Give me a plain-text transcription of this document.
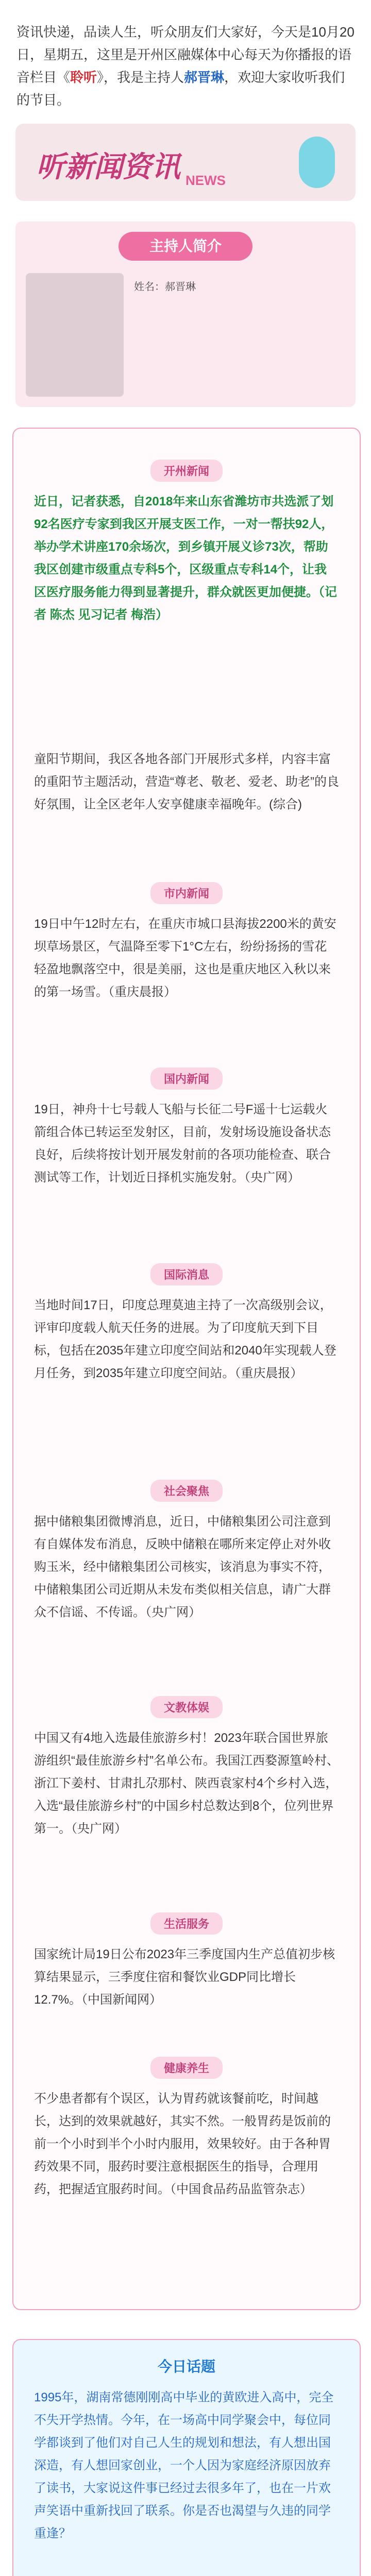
资讯快递，品读人生，听众朋友们大家好，今天是10月20日，星期五，这里是开州区融媒体中心每天为你播报的语音栏目《聆听》，我是主持人郝晋琳，欢迎大家收听我们的节目。
听新闻资讯 NEWS
主持人简介
姓名：郝晋琳
开州新闻
近日，记者获悉，自2018年来山东省潍坊市共选派了划92名医疗专家到我区开展支医工作，一对一帮扶92人，举办学术讲座170余场次，到乡镇开展义诊73次，帮助我区创建市级重点专科5个，区级重点专科14个，让我区医疗服务能力得到显著提升，群众就医更加便捷。（记者 陈杰 见习记者 梅浩）
童阳节期间，我区各地各部门开展形式多样，内容丰富的重阳节主题活动，营造“尊老、敬老、爱老、助老”的良好氛围，让全区老年人安享健康幸福晚年。(综合)
市内新闻
19日中午12时左右，在重庆市城口县海拔2200米的黄安坝草场景区，气温降至零下1°C左右，纷纷扬扬的雪花轻盈地飘落空中，很是美丽，这也是重庆地区入秋以来的第一场雪。（重庆晨报）
国内新闻
19日，神舟十七号载人飞船与长征二号F遥十七运载火箭组合体已转运至发射区，目前，发射场设施设备状态良好，后续将按计划开展发射前的各项功能检查、联合测试等工作，计划近日择机实施发射。（央广网）
国际消息
当地时间17日，印度总理莫迪主持了一次高级别会议，评审印度载人航天任务的进展。为了印度航天到下目标，包括在2035年建立印度空间站和2040年实现载人登月任务，到2035年建立印度空间站。（重庆晨报）
社会聚焦
据中储粮集团微博消息，近日，中储粮集团公司注意到有自媒体发布消息，反映中储粮在哪所来定停止对外收购玉米，经中储粮集团公司核实，该消息为事实不符，中储粮集团公司近期从未发布类似相关信息，请广大群众不信谣、不传谣。（央广网）
文教体娱
中国又有4地入选最佳旅游乡村！2023年联合国世界旅游组织“最佳旅游乡村”名单公布。我国江西婺源篁岭村、浙江下姜村、甘肃扎尕那村、陕西袁家村4个乡村入选，入选“最佳旅游乡村”的中国乡村总数达到8个，位列世界第一。（央广网）
生活服务
国家统计局19日公布2023年三季度国内生产总值初步核算结果显示，三季度住宿和餐饮业GDP同比增长12.7%。（中国新闻网）
健康养生
不少患者都有个误区，认为胃药就该餐前吃，时间越长，达到的效果就越好，其实不然。一般胃药是饭前的前一个小时到半个小时内服用，效果较好。由于各种胃药效果不同，服药时要注意根据医生的指导，合理用药，把握适宜服药时间。（中国食品药品监管杂志）
今日话题
1995年，湖南常德刚刚高中毕业的黄欧进入高中，完全不失开学热情。今年，在一场高中同学聚会中，每位同学都谈到了他们对自己人生的规划和想法，有人想出国深造，有人想回家创业，一个人因为家庭经济原因放弃了读书，大家说这件事已经过去很多年了，也在一片欢声笑语中重新找回了联系。你是否也渴望与久违的同学重逢？
